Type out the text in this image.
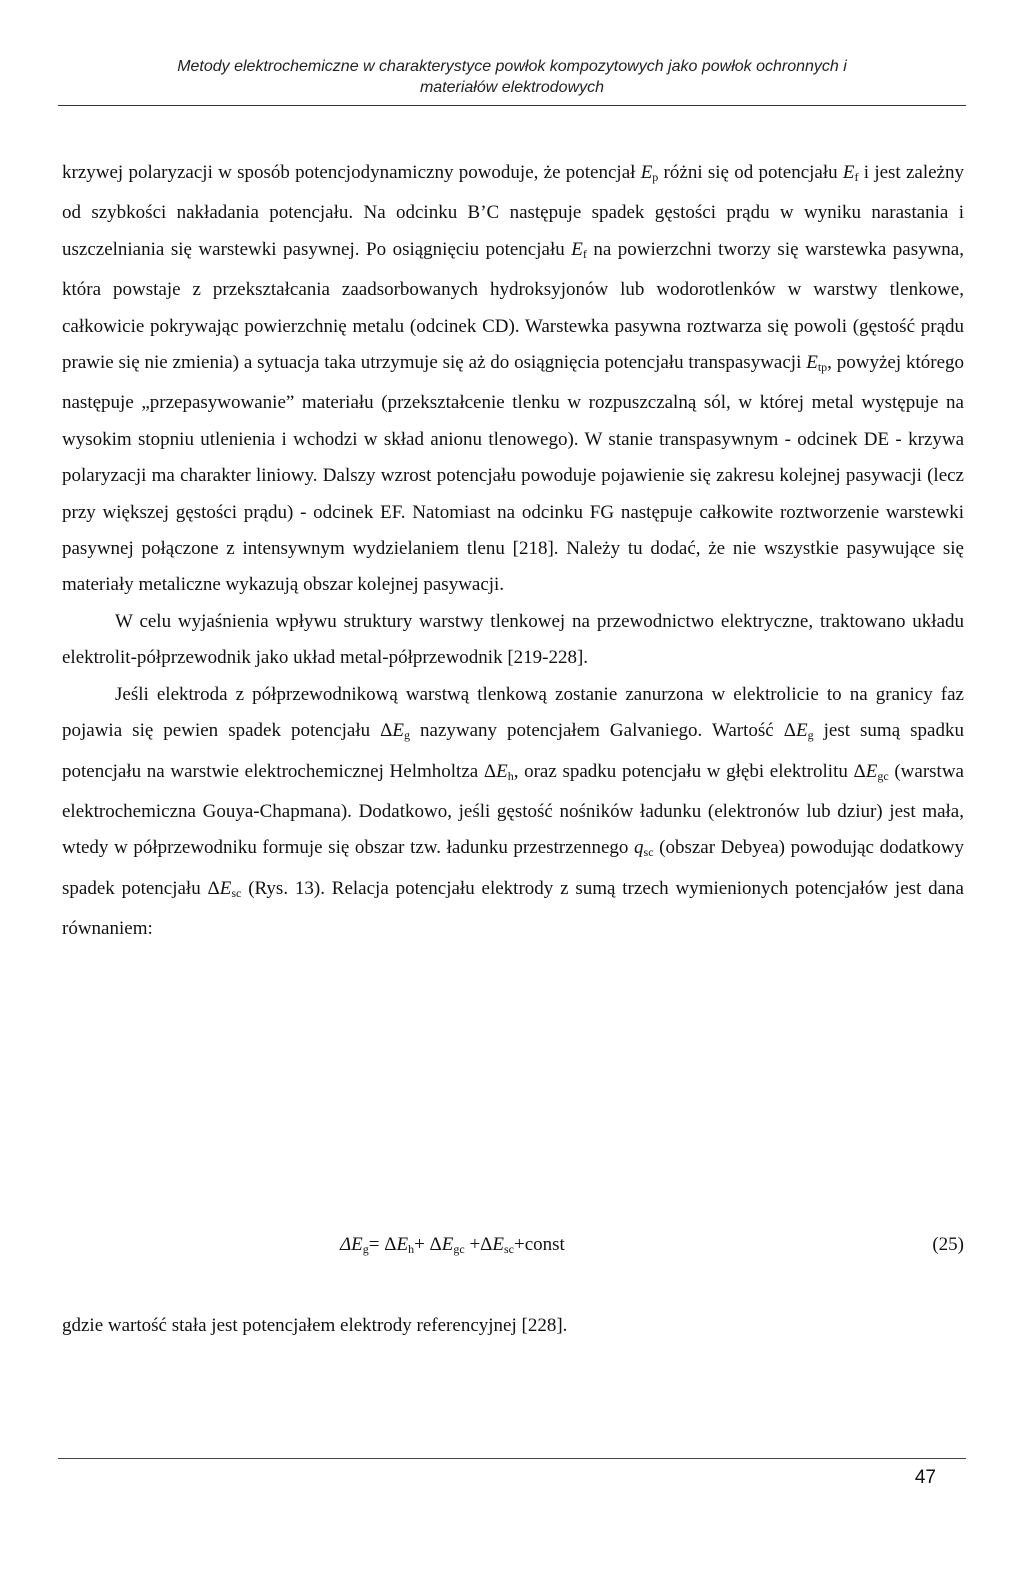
Metody elektrochemiczne w charakterystyce powłok kompozytowych jako powłok ochronnych i
materiałów elektrodowych

krzywej polaryzacji w sposób potencjodynamiczny powoduje, że potencjał $E_p$ różni się od potencjału $E_f$ i jest zależny od szybkości nakładania potencjału. Na odcinku B’C następuje spadek gęstości prądu w wyniku narastania i uszczelniania się warstewki pasywnej. Po osiągnięciu potencjału $E_f$ na powierzchni tworzy się warstewka pasywna, która powstaje z przekształcania zaadsorbowanych hydroksyjonów lub wodorotlenków w warstwy tlenkowe, całkowicie pokrywając powierzchnię metalu (odcinek CD). Warstewka pasywna roztwarza się powoli (gęstość prądu prawie się nie zmienia) a sytuacja taka utrzymuje się aż do osiągnięcia potencjału transpasywacji $E_{tp}$, powyżej którego następuje „przepasywowanie” materiału (przekształcenie tlenku w rozpuszczalną sól, w której metal występuje na wysokim stopniu utlenienia i wchodzi w skład anionu tlenowego). W stanie transpasywnym - odcinek DE - krzywa polaryzacji ma charakter liniowy. Dalszy wzrost potencjału powoduje pojawienie się zakresu kolejnej pasywacji (lecz przy większej gęstości prądu) - odcinek EF. Natomiast na odcinku FG następuje całkowite roztworzenie warstewki pasywnej połączone z intensywnym wydzielaniem tlenu [218]. Należy tu dodać, że nie wszystkie pasywujące się materiały metaliczne wykazują obszar kolejnej pasywacji.

W celu wyjaśnienia wpływu struktury warstwy tlenkowej na przewodnictwo elektryczne, traktowano układu elektrolit-półprzewodnik jako układ metal-półprzewodnik [219-228].

Jeśli elektroda z półprzewodnikową warstwą tlenkową zostanie zanurzona w elektrolicie to na granicy faz pojawia się pewien spadek potencjału $\Delta E_g$ nazywany potencjałem Galvaniego. Wartość $\Delta E_g$ jest sumą spadku potencjału na warstwie elektrochemicznej Helmholtza $\Delta E_h$, oraz spadku potencjału w głębi elektrolitu $\Delta E_{gc}$ (warstwa elektrochemiczna Gouya-Chapmana). Dodatkowo, jeśli gęstość nośników ładunku (elektronów lub dziur) jest mała, wtedy w półprzewodniku formuje się obszar tzw. ładunku przestrzennego $q_{sc}$ (obszar Debyea) powodując dodatkowy spadek potencjału $\Delta E_{sc}$ (Rys. 13). Relacja potencjału elektrody z sumą trzech wymienionych potencjałów jest dana równaniem:

$\Delta E_g= \Delta E_h+ \Delta E_{gc}$ $+\Delta E_{sc}+const$	(25)
gdzie wartość stała jest potencjałem elektrody referencyjnej [228].
47
